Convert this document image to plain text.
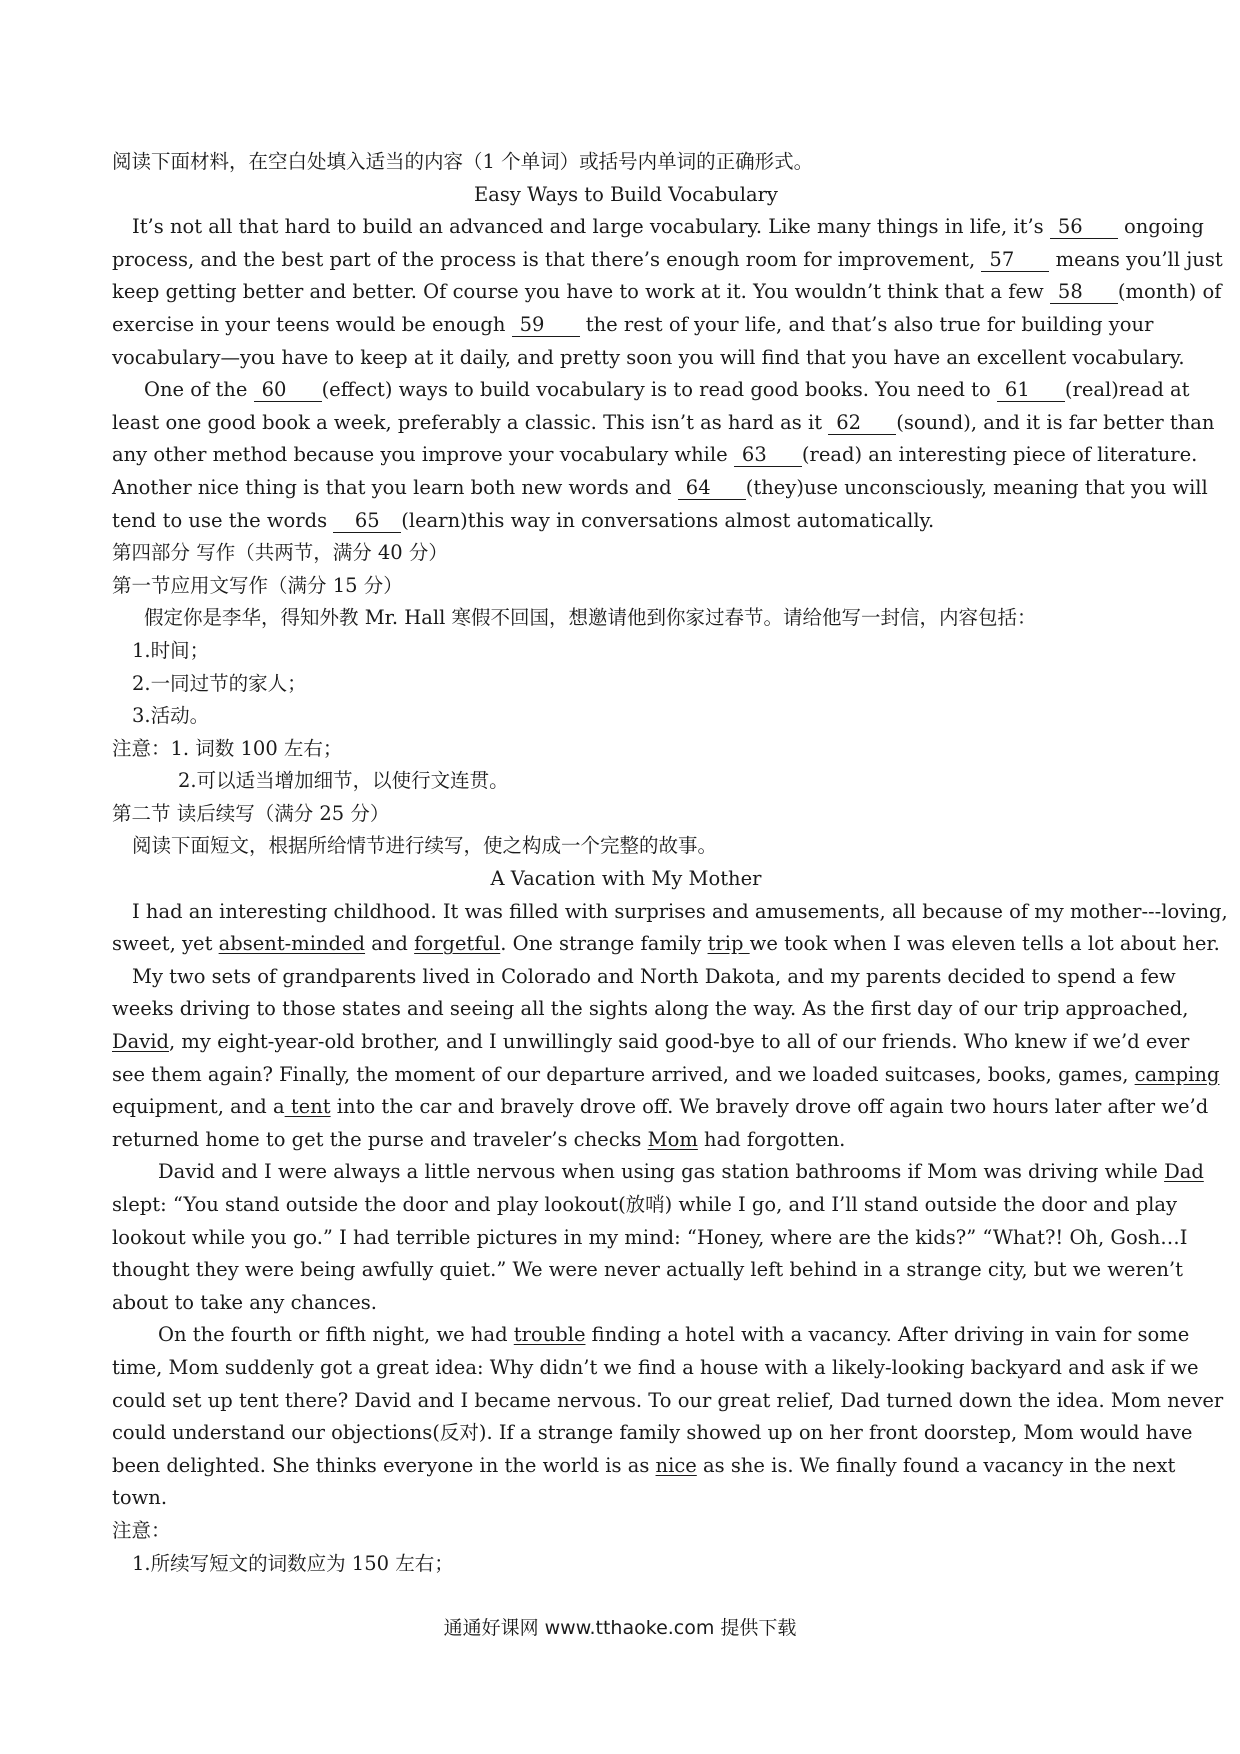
阅读下面材料，在空白处填入适当的内容（1 个单词）或括号内单词的正确形式。
Easy Ways to Build Vocabulary
It’s not all that hard to build an advanced and large vocabulary. Like many things in life, it’s 56 ongoing
process, and the best part of the process is that there’s enough room for improvement, 57 means you’ll just
keep getting better and better. Of course you have to work at it. You wouldn’t think that a few 58 (month) of
exercise in your teens would be enough 59 the rest of your life, and that’s also true for building your
vocabulary—you have to keep at it daily, and pretty soon you will find that you have an excellent vocabulary.
One of the 60 (effect) ways to build vocabulary is to read good books. You need to 61 (real)read at
least one good book a week, preferably a classic. This isn’t as hard as it 62 (sound), and it is far better than
any other method because you improve your vocabulary while 63 (read) an interesting piece of literature.
Another nice thing is that you learn both new words and 64 (they)use unconsciously, meaning that you will
tend to use the words 65 (learn)this way in conversations almost automatically.
第四部分 写作（共两节，满分 40 分）
第一节应用文写作（满分 15 分）
假定你是李华，得知外教 Mr. Hall 寒假不回国，想邀请他到你家过春节。请给他写一封信，内容包括：
1.时间；
2.一同过节的家人；
3.活动。
注意：1. 词数 100 左右；
2.可以适当增加细节，以使行文连贯。
第二节 读后续写（满分 25 分）
阅读下面短文，根据所给情节进行续写，使之构成一个完整的故事。
A Vacation with My Mother
I had an interesting childhood. It was filled with surprises and amusements, all because of my mother---loving,
sweet, yet absent-minded and forgetful. One strange family trip we took when I was eleven tells a lot about her.
My two sets of grandparents lived in Colorado and North Dakota, and my parents decided to spend a few
weeks driving to those states and seeing all the sights along the way. As the first day of our trip approached,
David, my eight-year-old brother, and I unwillingly said good-bye to all of our friends. Who knew if we’d ever
see them again? Finally, the moment of our departure arrived, and we loaded suitcases, books, games, camping
equipment, and a tent into the car and bravely drove off. We bravely drove off again two hours later after we’d
returned home to get the purse and traveler’s checks Mom had forgotten.
David and I were always a little nervous when using gas station bathrooms if Mom was driving while Dad
slept: “You stand outside the door and play lookout(放哨) while I go, and I’ll stand outside the door and play
lookout while you go.” I had terrible pictures in my mind: “Honey, where are the kids?” “What?! Oh, Gosh…I
thought they were being awfully quiet.” We were never actually left behind in a strange city, but we weren’t
about to take any chances.
On the fourth or fifth night, we had trouble finding a hotel with a vacancy. After driving in vain for some
time, Mom suddenly got a great idea: Why didn’t we find a house with a likely-looking backyard and ask if we
could set up tent there? David and I became nervous. To our great relief, Dad turned down the idea. Mom never
could understand our objections(反对). If a strange family showed up on her front doorstep, Mom would have
been delighted. She thinks everyone in the world is as nice as she is. We finally found a vacancy in the next
town.
注意：
1.所续写短文的词数应为 150 左右；
通通好课网 www.tthaoke.com 提供下载
